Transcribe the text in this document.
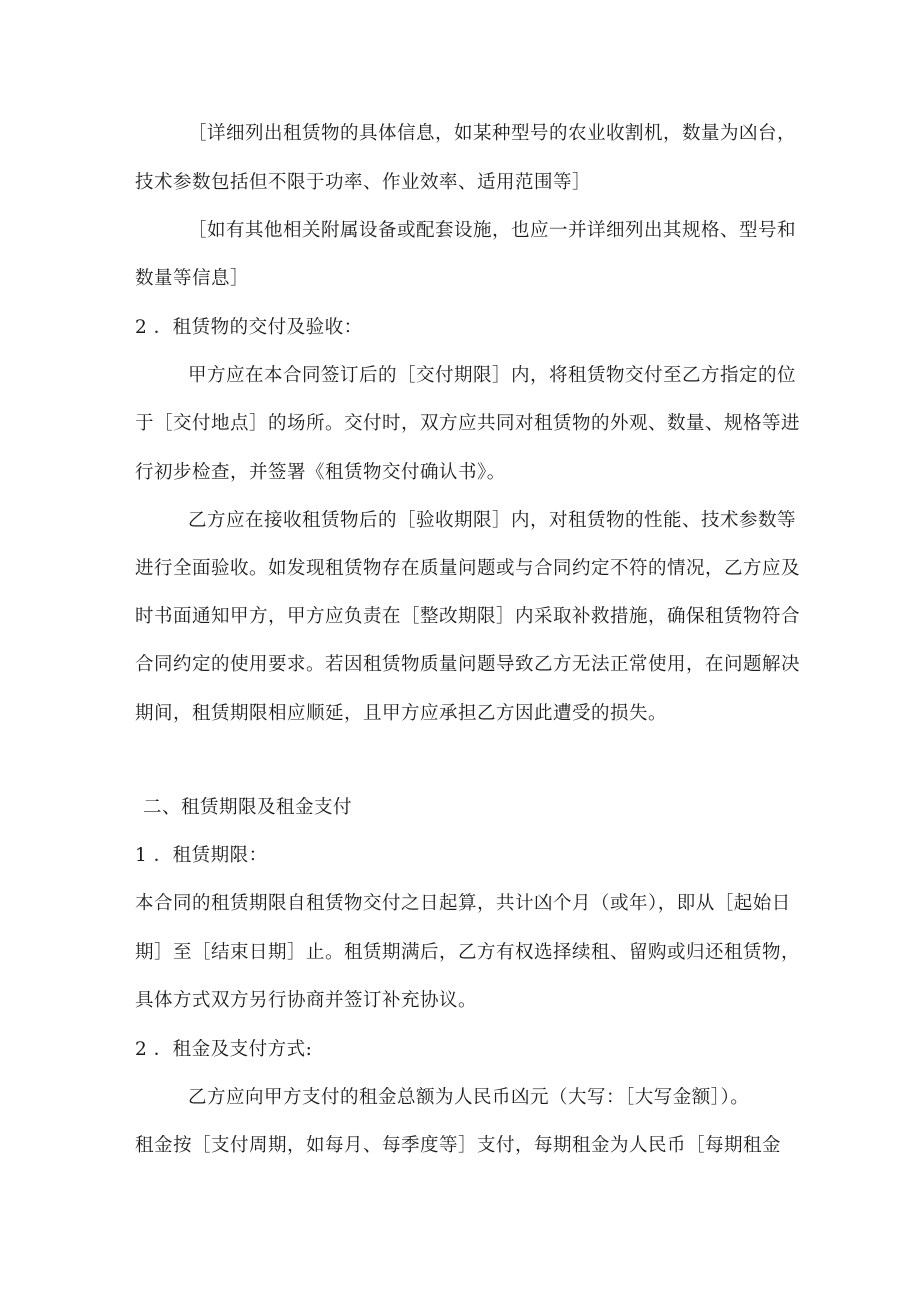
［详细列出租赁物的具体信息，如某种型号的农业收割机，数量为凶台，
技术参数包括但不限于功率、作业效率、适用范围等］
［如有其他相关附属设备或配套设施，也应一并详细列出其规格、型号和
数量等信息］
2 ．租赁物的交付及验收：
甲方应在本合同签订后的［交付期限］内，将租赁物交付至乙方指定的位
于［交付地点］的场所。交付时，双方应共同对租赁物的外观、数量、规格等进
行初步检查，并签署《租赁物交付确认书》。
乙方应在接收租赁物后的［验收期限］内，对租赁物的性能、技术参数等
进行全面验收。如发现租赁物存在质量问题或与合同约定不符的情况，乙方应及
时书面通知甲方，甲方应负责在［整改期限］内采取补救措施，确保租赁物符合
合同约定的使用要求。若因租赁物质量问题导致乙方无法正常使用，在问题解决
期间，租赁期限相应顺延，且甲方应承担乙方因此遭受的损失。
二、租赁期限及租金支付
1 ．租赁期限：
本合同的租赁期限自租赁物交付之日起算，共计凶个月（或年），即从［起始日
期］至［结束日期］止。租赁期满后，乙方有权选择续租、留购或归还租赁物，
具体方式双方另行协商并签订补充协议。
2 ．租金及支付方式:
乙方应向甲方支付的租金总额为人民币凶元（大写：［大写金额］）。
租金按［支付周期，如每月、每季度等］支付，每期租金为人民币［每期租金
